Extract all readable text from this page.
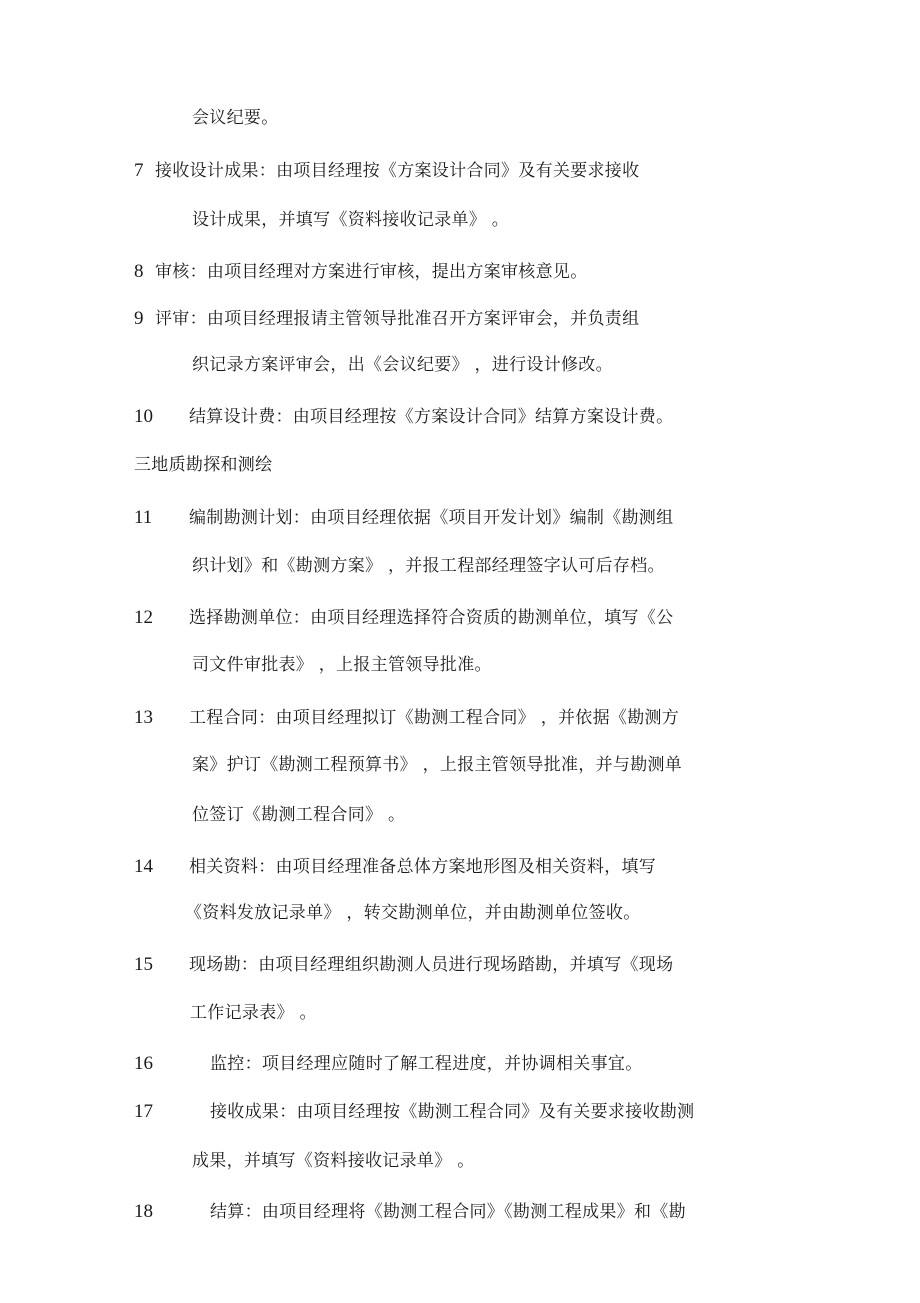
会议纪要。
7 接收设计成果：由项目经理按《方案设计合同》及有关要求接收
设计成果，并填写《资料接收记录单》 。
8 审核：由项目经理对方案进行审核，提出方案审核意见。
9 评审：由项目经理报请主管领导批准召开方案评审会，并负责组
织记录方案评审会，出《会议纪要》 ，进行设计修改。
10 结算设计费：由项目经理按《方案设计合同》结算方案设计费。
三地质勘探和测绘
11 编制勘测计划：由项目经理依据《项目开发计划》编制《勘测组
织计划》和《勘测方案》 ，并报工程部经理签字认可后存档。
12 选择勘测单位：由项目经理选择符合资质的勘测单位，填写《公
司文件审批表》 ，上报主管领导批准。
13 工程合同：由项目经理拟订《勘测工程合同》 ，并依据《勘测方
案》护订《勘测工程预算书》 ，上报主管领导批准，并与勘测单
位签订《勘测工程合同》 。
14 相关资料：由项目经理准备总体方案地形图及相关资料，填写
《资料发放记录单》 ，转交勘测单位，并由勘测单位签收。
15 现场勘：由项目经理组织勘测人员进行现场踏勘，并填写《现场
工作记录表》 。
16	监控：项目经理应随时了解工程进度，并协调相关事宜。
17	接收成果：由项目经理按《勘测工程合同》及有关要求接收勘测
成果，并填写《资料接收记录单》 。
18	结算：由项目经理将《勘测工程合同》《勘测工程成果》和《勘
